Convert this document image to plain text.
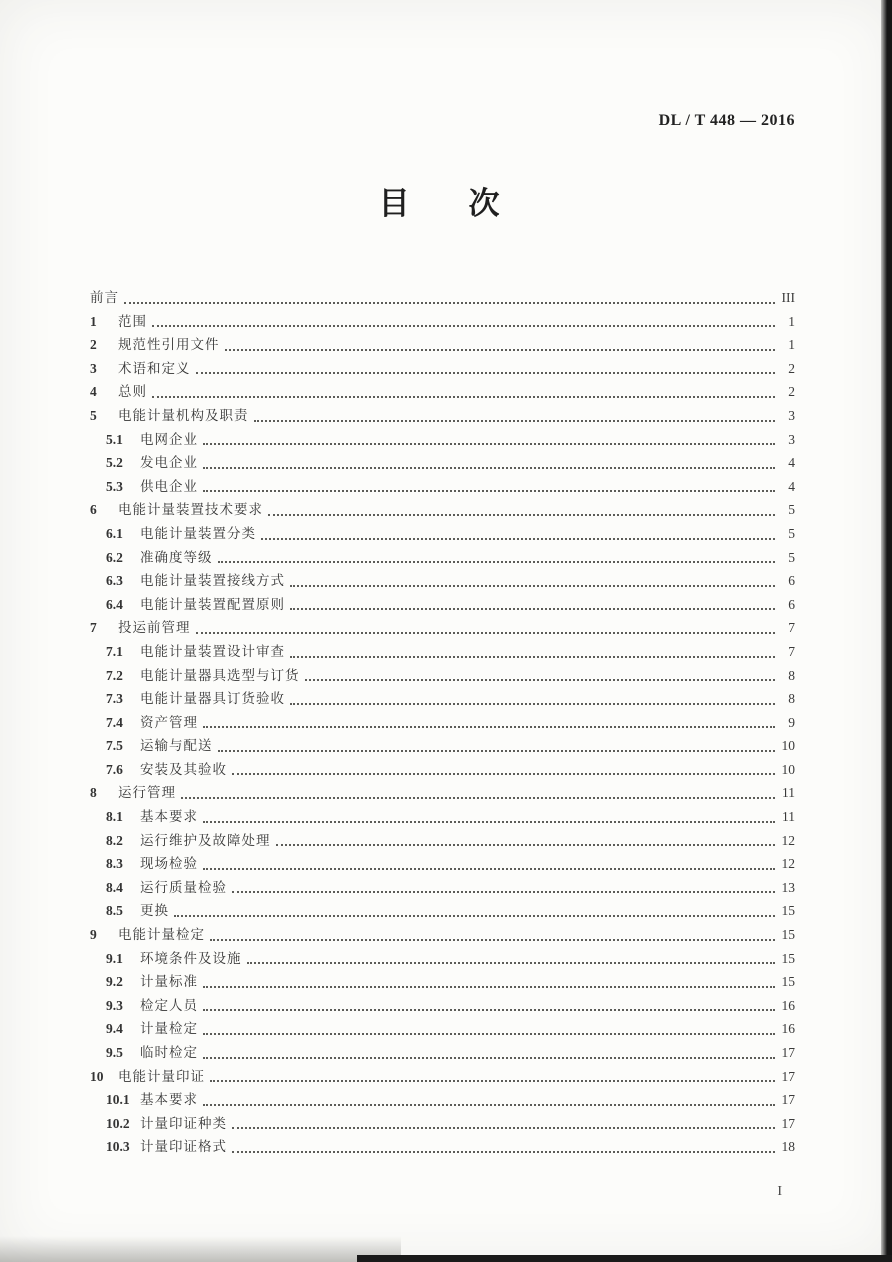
DL / T 448 — 2016
目　次
前言	III
1	范围	1
2	规范性引用文件	1
3	术语和定义	2
4	总则	2
5	电能计量机构及职责	3
5.1	电网企业	3
5.2	发电企业	4
5.3	供电企业	4
6	电能计量装置技术要求	5
6.1	电能计量装置分类	5
6.2	准确度等级	5
6.3	电能计量装置接线方式	6
6.4	电能计量装置配置原则	6
7	投运前管理	7
7.1	电能计量装置设计审查	7
7.2	电能计量器具选型与订货	8
7.3	电能计量器具订货验收	8
7.4	资产管理	9
7.5	运输与配送	10
7.6	安装及其验收	10
8	运行管理	11
8.1	基本要求	11
8.2	运行维护及故障处理	12
8.3	现场检验	12
8.4	运行质量检验	13
8.5	更换	15
9	电能计量检定	15
9.1	环境条件及设施	15
9.2	计量标准	15
9.3	检定人员	16
9.4	计量检定	16
9.5	临时检定	17
10	电能计量印证	17
10.1 基本要求	17
10.2 计量印证种类	17
10.3 计量印证格式	18
I
